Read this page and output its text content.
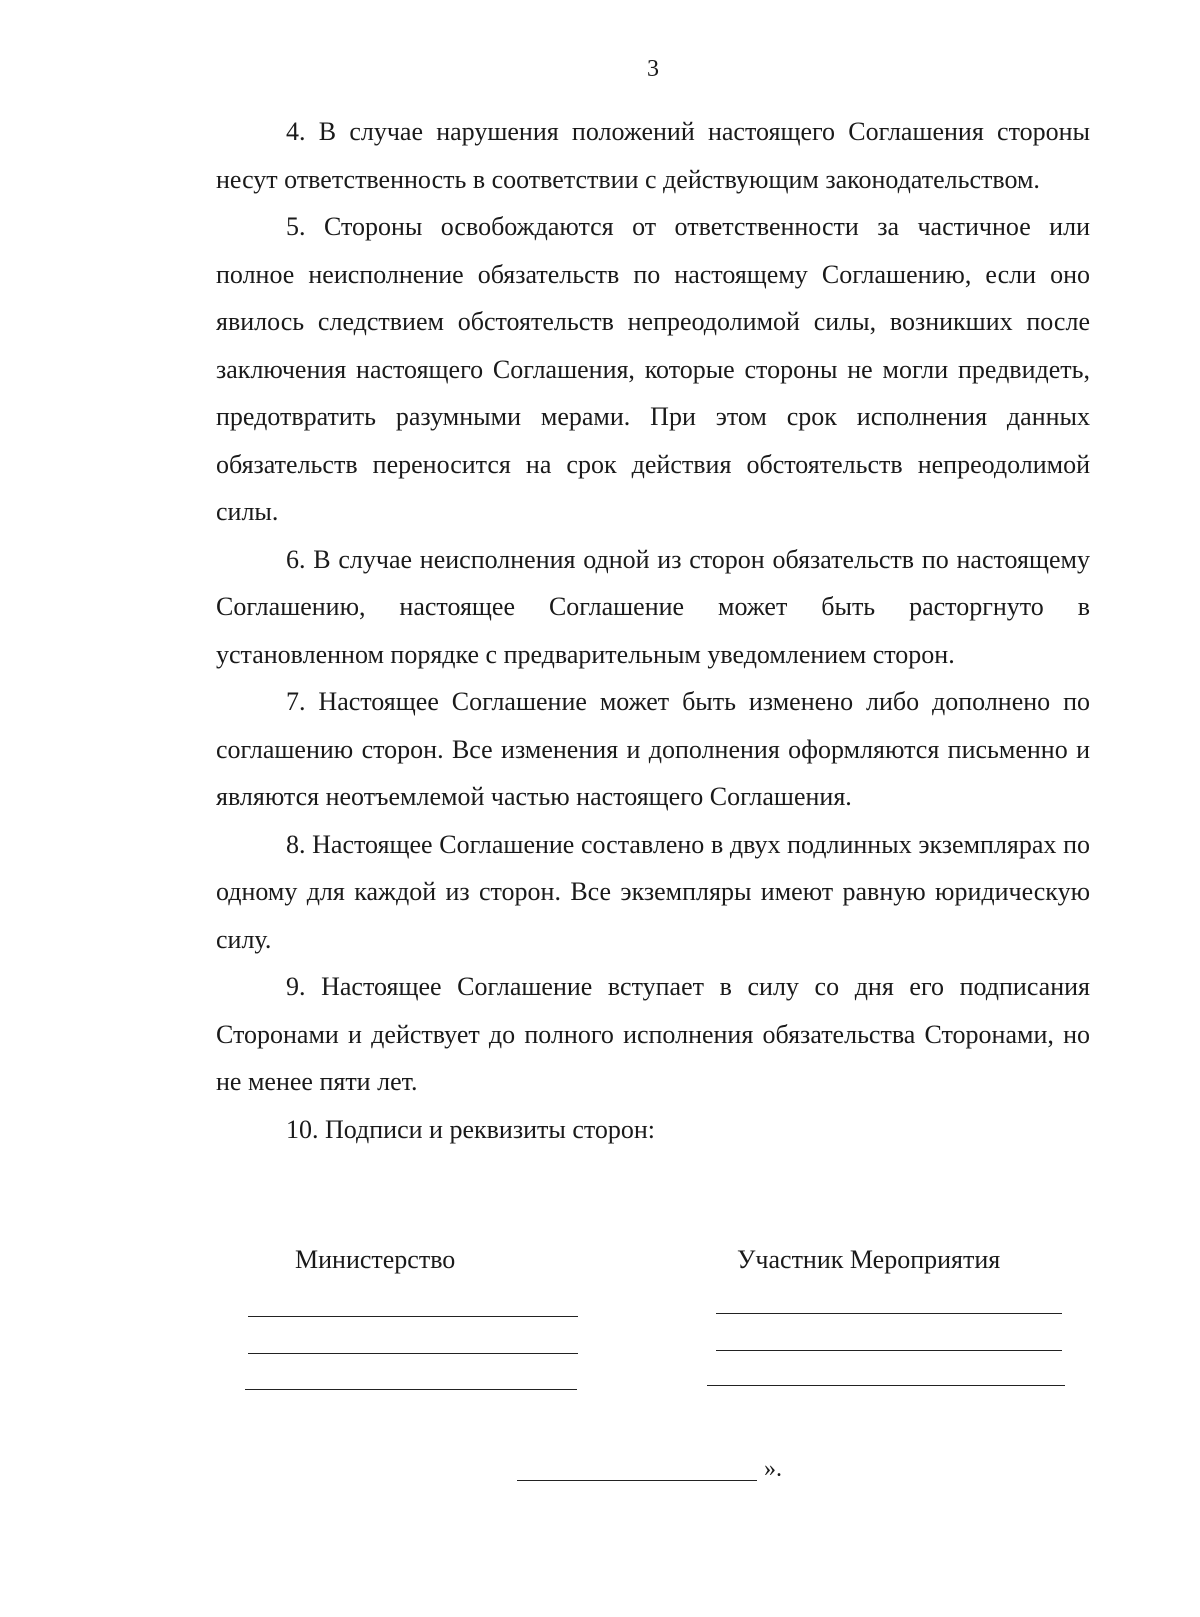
3

4. В случае нарушения положений настоящего Соглашения стороны несут ответственность в соответствии с действующим законодательством.

5. Стороны освобождаются от ответственности за частичное или полное неисполнение обязательств по настоящему Соглашению, если оно явилось следствием обстоятельств непреодолимой силы, возникших после заключения настоящего Соглашения, которые стороны не могли предвидеть, предотвратить разумными мерами. При этом срок исполнения данных обязательств переносится на срок действия обстоятельств непреодолимой силы.

6. В случае неисполнения одной из сторон обязательств по настоящему Соглашению, настоящее Соглашение может быть расторгнуто в установленном порядке с предварительным уведомлением сторон.

7. Настоящее Соглашение может быть изменено либо дополнено по соглашению сторон. Все изменения и дополнения оформляются письменно и являются неотъемлемой частью настоящего Соглашения.

8. Настоящее Соглашение составлено в двух подлинных экземплярах по одному для каждой из сторон. Все экземпляры имеют равную юридическую силу.

9. Настоящее Соглашение вступает в силу со дня его подписания Сторонами и действует до полного исполнения обязательства Сторонами, но не менее пяти лет.

10. Подписи и реквизиты сторон:

Министерство	Участник Мероприятия
».
